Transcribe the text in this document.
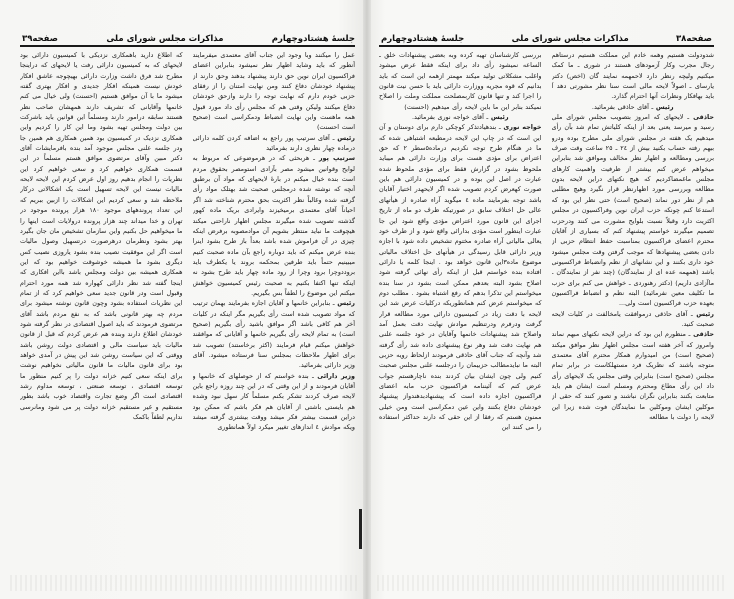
جلسهٔ هشتادوچهارم
مذاکرات مجلس شورای ملی
صفحه۳۹
عمل را میکنند وبا وجود این جناب آقای معتمدی میفرمایند آنطور که باید وشاید اظهار نظر نمیشود بنابراین اعضای فراکسیون ایران نوین حق دارند پیشنهاد بدهند وحق دارند از پیشنهاد خودشان دفاع کنند ومن نهایت امتنان را از رفقای حزبی خودم دارم که نهایت توجه را دارند وازحق خودشان دفاع میکنند ولیکن وقتی هم که مجلس رأی داد مورد قبول همه ماهست واین نهایت انضباط ودمکراسی است (صحیح است احسنت)
رئیس ـ آقای سرتیپ پور راجع به اضافه کردن کلمه دارائی درماده چهار نظری دارند بفرمائید
سرتیپ پور ـ هربحثی که در هرموضوعی که مربوط به لوایح وقوانین میشود مصر بآزادی استومصر بحقوق مردم است بنده خیال میکنم در بارهٔ لایحهای که مواد آن برطبق آنچه که نوشته شده درمجلس صحبت شد بهتلک مواد رأی گرفته شده وغالباً نظر اکثریت بحق محترم شناخته شد اگر احیاناً آقای معتمدی برمیخیزند وایرادی بریک ماده کهور گذشته تصویب شده میگیرند مجلس اظهار ناراحتی میکند هیچوقت ما نباید منتظر بشویم آن موادمصوبه برفرض اینکه چیزی در آن فراموش شده باشد بعداً باز طرح بشود اینرا بنده عرض میکنم که باید دوباره راجع بآن ماده صحبت کنیم میبینیم حتماً باید طرفین بمحکمه بروند یا یکطرف باید بروددوچرا برود وچرا از رود ماده چهار باید طرح بشود نه اینکه تنها اکتفا بکنیم به صحبت رئیس کمیسیون خواهش میکنم این موضوع را لطفاً بس بگیریم.
رئیس ـ بنابراین خانمها و آقایان اجازه بفرمایند بهمان ترتیب که مواد تصویب شده است رأی بگیریم مگر اینکه در کلیات آخر هم کافی باشد اگر موافق باشید رأی بگیریم (صحیح است) به تمام لایحه رأی بگیریم خانمها و آقایانی که موافقند خواهش میکنم قیام فرمایند (اکثر برخاستند) تصویب شد برای اظهار ملاحظات بمجلس سنا فرستاده میشود. آقای وزیر دارائی بفرمائید.
وزیر دارائی ـ بنده خواستم که از حوصلهای که خانمها و آقایان فرمودند و از این وقتی که در این چند روزه راجع باین لایحه صرف کردند تشکر بکنم مسلماً کار سهل نبود وشده هم بایستی باشتی از آقایان هم فکر باشم که ممکن بود دراین قسمت بیشتر فکر میشد ووقت بیشتری گرفته میشد ویکه موادش ٤ اندازهای تغییر میکرد اولاً همانطوری
که اطلاع دارید باهمکاری نزدیکی با کمیسیون دارائی بود لایحهای که به کمیسیون دارائی رفت یا لایحهای که دراینجا مطرح شد فرق داشت وزارت دارائی بهیچوجه عاشق افکار خودش نیست همینکه افکار جدیدی و افکار بهتری گفته میشود ما با آن موافق هستیم (احسنت) ولی خیال می کنم خانمها وآقایانی که تشریف دارند همهشان صاحب نظر هستند سابقه درامور دارند ومسلماً این قوانین باید باشرکت بین دولت ومجلس تهیه بشود وما این کار را کردیم واین همکاری نزدیک در کمیسیون بود همین همکاری هم همین جا ودر جلسه علنی مجلس موجود آمد بنده بافرمایشات آقای دکتر مبین وآقای مرتضوی موافق هستم مسلماً در این قسمت همکاری خواهیم کرد و سعی خواهیم کرد این نظریات را انجام بدهیم روز اول عرض کردم این لایحه لایحه مالیات نیست این لایحه تسهیل است یک اشکالاتی درکار ملاحظه شد و سعی کردیم این اشکالات را ازبین ببریم که این تعداد پروندههای موجود ۱۸۰ هزار پرونده موجود در تهران و خدا میداند چند هزار پرونده درولایات است اینها را ما میخواهیم حل بکنیم واین سازمان تشخیص مان جان بگیرد بهتر بشود ونظرمان درهرصورت درتسهیل وصول مالیات است اگر این موفقیت نصیب بنده بشود یاروزی نصیب کس دیگری بشود ما همیشه خوشوقت خواهیم بود که این همکاری همیشه بین دولت ومجلس باشد بااین افکاری که اینجا گفته شد نظر دارائی کهواره شد همه مورد احترام وقبول است ودر قانون جدید سعی خواهیم کرد که از تمام این نظریات استفاده بشود وچون قانون نوشته میشود برای مردم چه بهتر قانونی باشد که به نفع مردم باشد آقای مرتضوی فرمودند که باید اصول اقتصادی در نظر گرفته شود خودشان اطلاع دارند وبنده هم عرض کردم که قبل از قانون مالیات باید سیاست مالی و اقتصادی دولت روشن باشد ووقتی که این سیاست روشن شد این پیش در آمدی خواهد بود برای قانون مالیات ما قانون مالیاتی نخواهیم نوشت برای اینکه سعی کنیم خزانه دولت را پر کنیم منظور ما توسعه اقتصادی ، توسعه صنعتی ، توسعه مداوم رشد اقتصادی است اگر وضع تجارت واقتصاد خوب باشد بطور مستقیم و غیر مستقیم خزانه دولت پر می شود ومانرسی نداریم لطفاً باکمک
صفحه۳۸
مذاکرات مجلس شورای ملی
جلسهٔ هشتادوچهارم
شدودولت هستیم وهمه خادم این مملکت هستیم درستاهم رجال مجرب وکار آزمودهای هستند در شوری ـ ما کمک میکنیم ولیچه رنظر دارد لاحمهمه نمایند گان (اخص) دکتر یارسای ـ اصولاً لایحه مالی است سنا نظر مشورتی دهد آ باید بهافکار ونظرات آنها احترام گذارد.
رئیس ـ آقای حاذقی بفرمائید.
حاذقی ـ لایحهای که امروز بتصویب مجلس شورای ملی رسید و میرسد یعنی بعد از اینکه کلیاتش تمام شد بآن رأی میدهیم یک هفته در مجلس شورای ملی مطرح بوده ودرو بیهم رفته حساب بکنید بیش از ٢٤ ـ ٢٥ ساعت وقت صرف بررسی ومطالعه و اظهار نظر مخالف وموافق شد بنابراین میخواهم عرض کنم بیشتر از ظرفیت واهمیت کارهای مجلس ماغمضاکردیم که هیچ نکتهای دراین لایحه بدون مطالعه وبررسی مورد اظهارنظر قرار نگیرد وهیچ مطلبی هم از نظر دور نماند (صحیح است) حتی نظر این بود که استدعا کنم چونکه حزب ایران نوین وفراکسیون در مجلس اکثریت دارد وقبلاً نسبت بلوایح مشورت می کنند ودرحزب تصمیم میگیرند خواستم پیشنهاد کنم که بسیاری از آقایان محترم اعضای فراکسیون بمناسبت حفظ انتظام حزبی از دادن بعضی پیشنهادها که موجب گرفتن وقت مجلس میشود خود داری بکنند و این نشانهای از نظم وانضباط فراکسیونی باشد (همهمه عده ای از نمایندگان) (چند نفر از نمایندگان ـ ماآزادی داریم) (دکتر رهنوردی ـ خواهش می کنم برای حزب ما تکلیف معین نفرمائید) البته نظم و انضباط فراکسیون بعهده حزب فراکسیون است ولی...
رئیس ـ آقای حاذقی درموافقت یامخالفت در کلیات لایحه صحبت کنید.
حاذقی ـ منظورم این بود که دراین لایحه نکتهای مبهم نماند وامروز که آخر هفته است مجلس اظهار نظر موافق میکند (صحیح است) من امیدوارم همکار محترم آقای معتمدی متوجه باشند که نظریک فرد مستهلکاست در برابر تمام مجلس (صحیح است) بنابراین وقتی مجلس یک لایحهای رأی داد این رأی مطاع ومحترم ومسلم است ایشان هم باید متابعت بکنند بنابراین نگران نباشند و تصور کنند که حقی از موکلین ایشان وموکلین ما نمایندگان فوت شده زیرا این لایحه را دولت با مطالعه
بررسی کارشناسان تهیه کرده وبه بعضی پیشنهادات خلق ـ الساعه نمیشود رأی داد برای اینکه فقط عرض میشود واغلب مشکلاتی تولید میکند مهمتر ازهمه این است که باید بدانیم که قوه مجریه ووزارت دارائی باید با حسن نیت قانون را اجرا کند و تنها قانون کاربمصلحت مملکت وملت را اصلاح نمیکند بنابر این ما باین لایحه رأی میدهیم (احسنت)
رئیس ـ آقای خواجه نوری بفرمائید.
خواجه نوری ـ بندهیادتذکر کوچکی دارم برای دوستان و آن این است که در چاپ این لایحه درمطبعه اشتباهی شده که ما در هنگام طرح توجه نکردیم درماده۵سطر ۲ که حق اعتراض برای مؤدی هست برای وزارت دارائی هم میباید ملحوظ بشود در گزارش فقط برای مؤدی ملحوظ شده عبارت در اصل این بوده و در کمیسیون دارائی هم باین صورت کهعرض کردم تصویب شده اگر لایحهدر اختیار آقایان باشد توجه بفرمایند ماده ٤ میگوید آراء صادره از هیأتهای عالی حل اختلاف سابق در صورتیکه ظرف دو ماه از تاریخ اجرای این قانون مورد اعتراض مؤدی واقع شود این جا عبارت اینطور است مؤدی بدارائی واقع شود و از طرف خود یعالی مالیاتی آراء صادره مختوم تشخیص داده شود با اجازه وزیر دارائی قابل رسیدگی در هیأتهای حل اختلاف مالیاتی موضوع ماده۳این قانون خواهد بود . اینجا کلمه یا دارائی افتاده بنده خواستم قبل از اینکه رأی نهائی گرفته شود اصلاح بشود البته بعدهم ممکن است بشود در سنا بنده میخواستم این تذکرا بدهم که رفع اشتباه بشود . مطلب دوم که میخواستم عرض کنم همانطوریکه درکلیات عرض شد این لایحه با دقت زیاد در کمیسیون دارائی مورد مطالعه قرار گرفت ودرفرم ودرتنظیم موادش نهایت دقت بعمل آمد واصلاح شد پیشنهادات خانمها وآقایان در خود جلسه علنی هم نهایت دقت شد وهر نوع پیشنهادی داده شد رأی گرفته شد وآنچه که جناب آقای حاذقی فرمودند ازلحاظ رویه حزبی البته ما نبایدمطالب حزبیمان را درجلسه علنی مجلس صحبت کنیم ولی چون ایشان بیان کردند بنده ناچارهستم جواب عرض کنم که آئیننامه فراکسیون حزب مابه اعضای فراکسیون اجازه داده است که پیشنهادبدهندواز پیشنهاد خودشان دفاع بکنند واین عین دمکراسی است ومن خیلی ممنون هستم که رفقا از این حقی که دارند حداکثر استفاده را می کنند این
